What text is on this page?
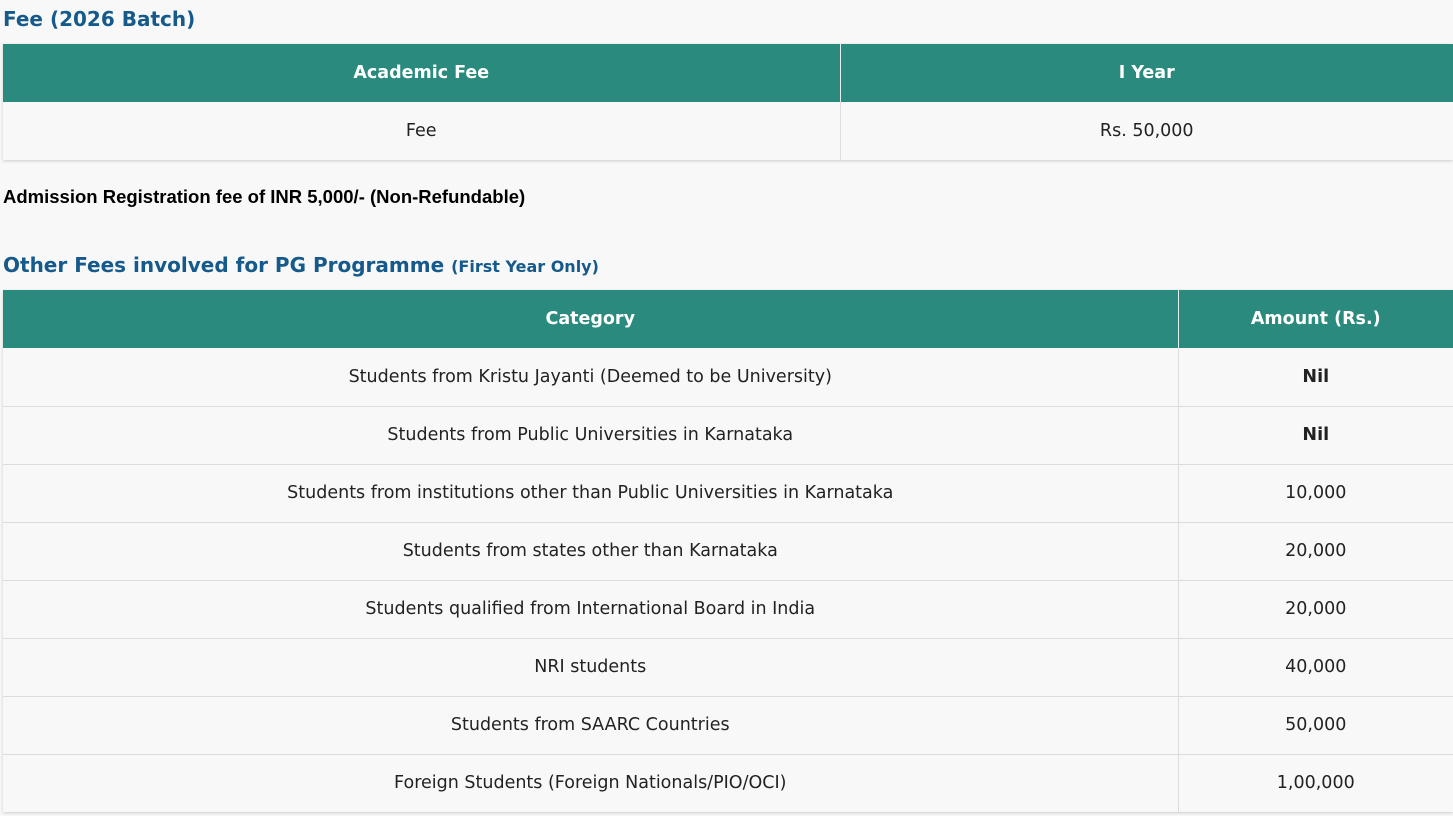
Fee (2026 Batch)
Academic Fee	I Year
Fee	Rs. 50,000

Admission Registration fee of INR 5,000/- (Non-Refundable)

Other Fees involved for PG Programme (First Year Only)
Category	Amount (Rs.)
Students from Kristu Jayanti (Deemed to be University)	Nil
Students from Public Universities in Karnataka	Nil
Students from institutions other than Public Universities in Karnataka	10,000
Students from states other than Karnataka	20,000
Students qualified from International Board in India	20,000
NRI students	40,000
Students from SAARC Countries	50,000
Foreign Students (Foreign Nationals/PIO/OCI)	1,00,000
